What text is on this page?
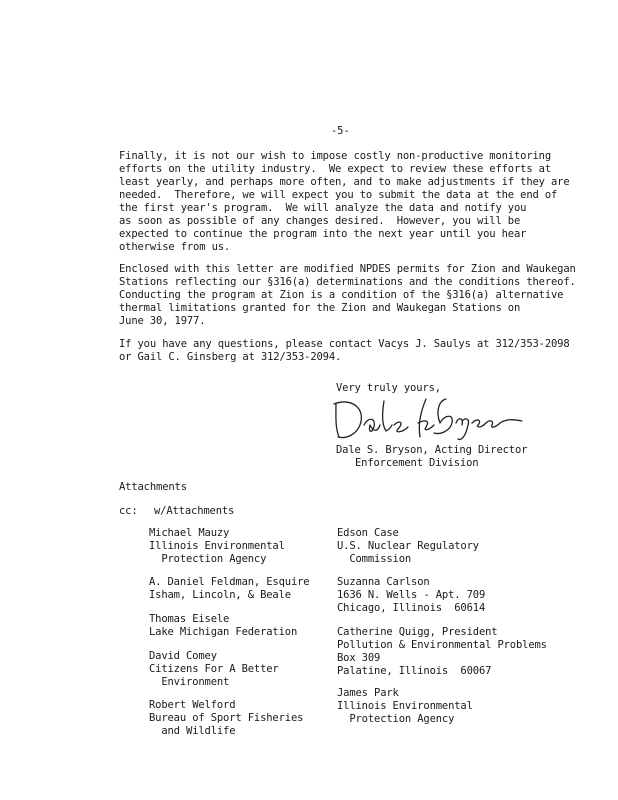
-5-
Finally, it is not our wish to impose costly non-productive monitoring
efforts on the utility industry.  We expect to review these efforts at
least yearly, and perhaps more often, and to make adjustments if they are
needed.  Therefore, we will expect you to submit the data at the end of
the first year's program.  We will analyze the data and notify you
as soon as possible of any changes desired.  However, you will be
expected to continue the program into the next year until you hear
otherwise from us.
Enclosed with this letter are modified NPDES permits for Zion and Waukegan
Stations reflecting our §316(a) determinations and the conditions thereof.
Conducting the program at Zion is a condition of the §316(a) alternative
thermal limitations granted for the Zion and Waukegan Stations on
June 30, 1977.
If you have any questions, please contact Vacys J. Saulys at 312/353-2098
or Gail C. Ginsberg at 312/353-2094.
Very truly yours,
Dale S. Bryson, Acting Director
Enforcement Division
Attachments
cc: w/Attachments
Michael Mauzy
Illinois Environmental
Protection Agency
A. Daniel Feldman, Esquire
Isham, Lincoln, & Beale
Thomas Eisele
Lake Michigan Federation
David Comey
Citizens For A Better
Environment
Robert Welford
Bureau of Sport Fisheries
and Wildlife
Edson Case
U.S. Nuclear Regulatory
Commission
Suzanna Carlson
1636 N. Wells - Apt. 709
Chicago, Illinois  60614
Catherine Quigg, President
Pollution & Environmental Problems
Box 309
Palatine, Illinois  60067
James Park
Illinois Environmental
Protection Agency
